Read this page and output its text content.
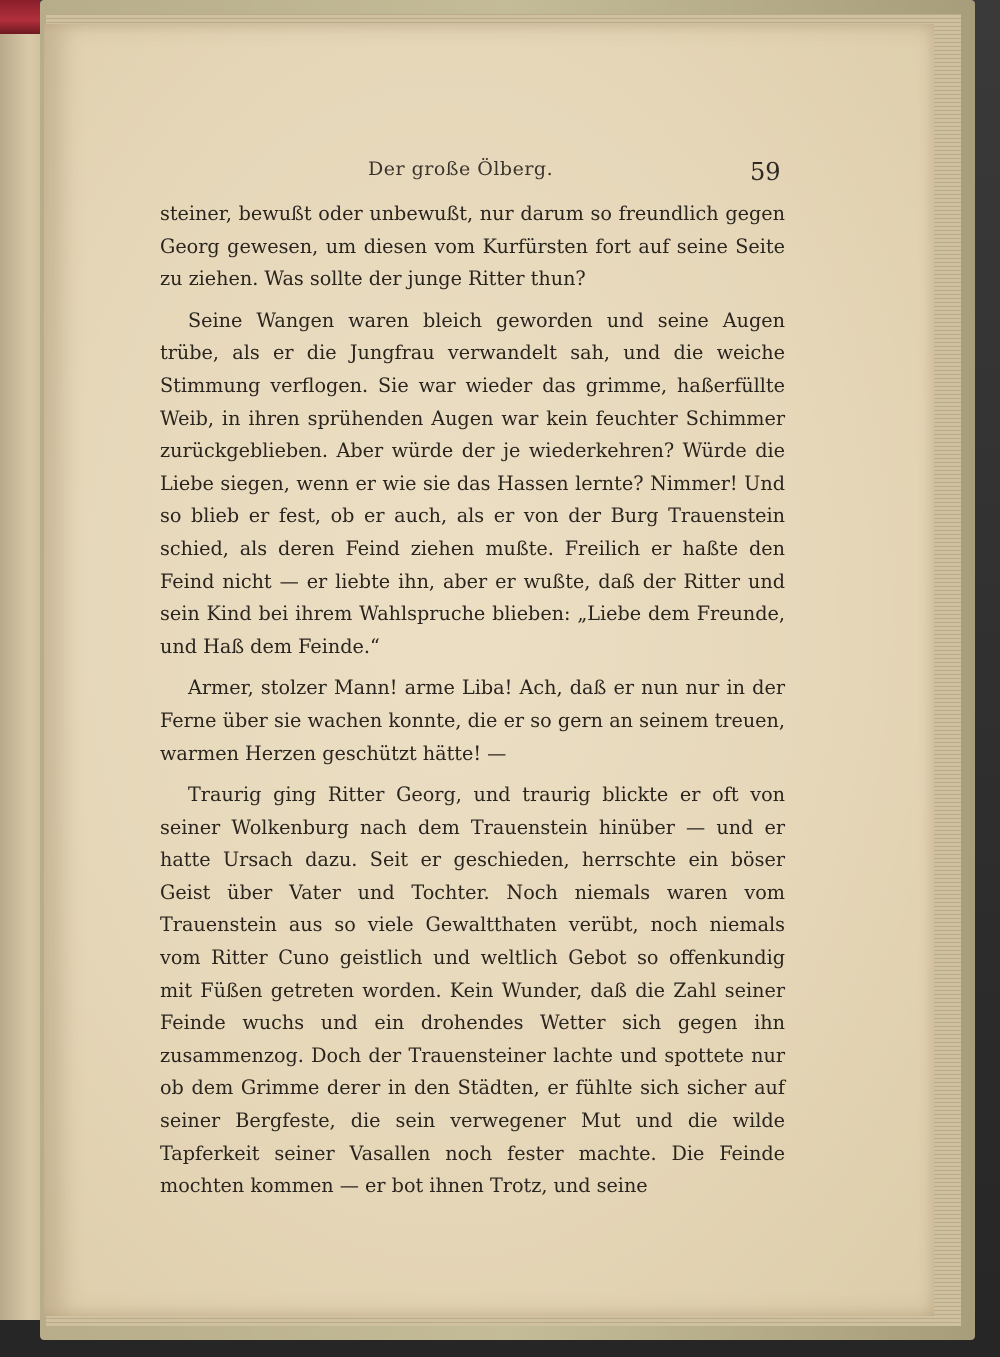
Der große Ölberg.	59

steiner, bewußt oder unbewußt, nur darum so freundlich gegen Georg gewesen, um diesen vom Kurfürsten fort auf seine Seite zu ziehen. Was sollte der junge Ritter thun?

Seine Wangen waren bleich geworden und seine Augen trübe, als er die Jungfrau verwandelt sah, und die weiche Stimmung verflogen. Sie war wieder das grimme, haßerfüllte Weib, in ihren sprühenden Augen war kein feuchter Schimmer zurückgeblieben. Aber würde der je wiederkehren? Würde die Liebe siegen, wenn er wie sie das Hassen lernte? Nimmer! Und so blieb er fest, ob er auch, als er von der Burg Trauenstein schied, als deren Feind ziehen mußte. Freilich er haßte den Feind nicht — er liebte ihn, aber er wußte, daß der Ritter und sein Kind bei ihrem Wahlspruche blieben: „Liebe dem Freunde, und Haß dem Feinde.“

Armer, stolzer Mann! arme Liba! Ach, daß er nun nur in der Ferne über sie wachen konnte, die er so gern an seinem treuen, warmen Herzen geschützt hätte! —

Traurig ging Ritter Georg, und traurig blickte er oft von seiner Wolkenburg nach dem Trauenstein hinüber — und er hatte Ursach dazu. Seit er geschieden, herrschte ein böser Geist über Vater und Tochter. Noch niemals waren vom Trauenstein aus so viele Gewaltthaten verübt, noch niemals vom Ritter Cuno geistlich und weltlich Gebot so offenkundig mit Füßen getreten worden. Kein Wunder, daß die Zahl seiner Feinde wuchs und ein drohendes Wetter sich gegen ihn zusammenzog. Doch der Trauensteiner lachte und spottete nur ob dem Grimme derer in den Städten, er fühlte sich sicher auf seiner Bergfeste, die sein verwegener Mut und die wilde Tapferkeit seiner Vasallen noch fester machte. Die Feinde mochten kommen — er bot ihnen Trotz, und seine
